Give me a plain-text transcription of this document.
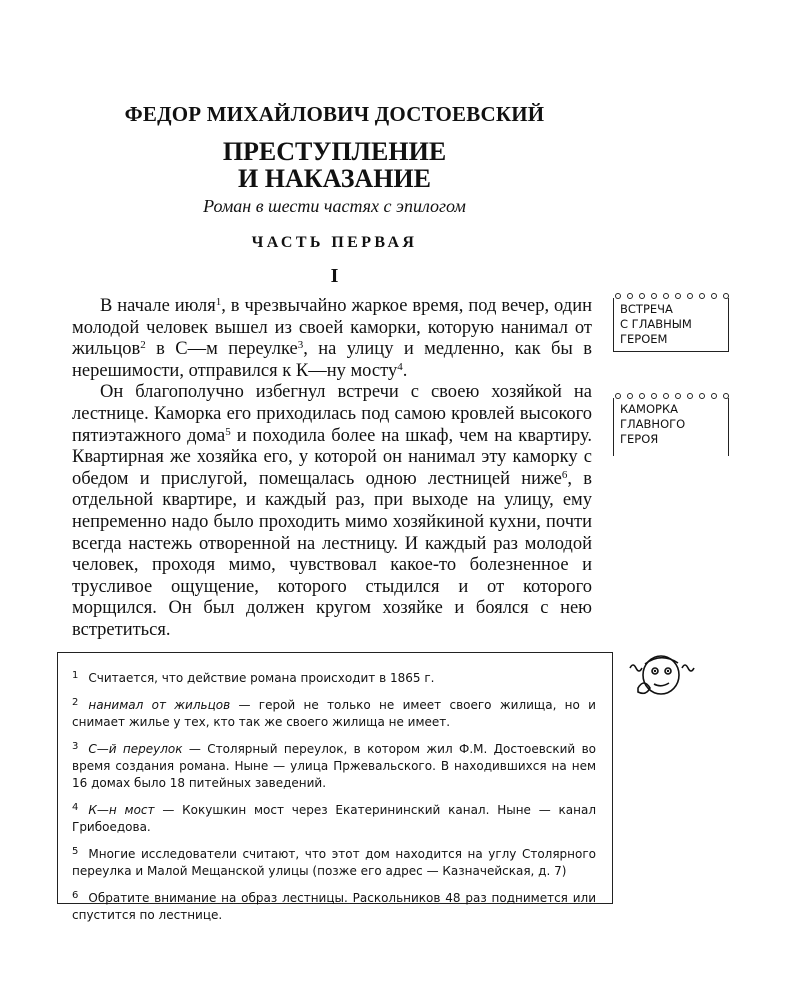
ФЕДОР МИХАЙЛОВИЧ ДОСТОЕВСКИЙ
ПРЕСТУПЛЕНИЕ
И НАКАЗАНИЕ
Роман в шести частях с эпилогом
ЧАСТЬ ПЕРВАЯ
I

В начале июля$^1$, в чрезвычайно жаркое время, под вечер, один молодой человек вышел из своей каморки, которую нанимал от жильцов$^2$ в С—м переулке$^3$, на улицу и медленно, как бы в нерешимости, отправился к К—ну мосту$^4$.

Он благополучно избегнул встречи с своею хозяйкой на лестнице. Каморка его приходилась под самою кровлей высокого пятиэтажного дома$^5$ и походила более на шкаф, чем на квартиру. Квартирная же хозяйка его, у которой он нанимал эту каморку с обедом и прислугой, помещалась одною лестницей ниже$^6$, в отдельной квартире, и каждый раз, при выходе на улицу, ему непременно надо было проходить мимо хозяйкиной кухни, почти всегда настежь отворенной на лестницу. И каждый раз молодой человек, проходя мимо, чувствовал какое-то болезненное и трусливое ощущение, которого стыдился и от которого морщился. Он был должен кругом хозяйке и боялся с нею встретиться.

ВСТРЕЧА
С ГЛАВНЫМ
ГЕРОЕМ
КАМОРКА
ГЛАВНОГО
ГЕРОЯ
$^1$ Считается, что действие романа происходит в 1865 г.
$^2$ нанимал от жильцов — герой не только не имеет своего жилища, но и снимает жилье у тех, кто так же своего жилища не имеет.
$^3$ С—й переулок — Столярный переулок, в котором жил Ф.М. Достоевский во время создания романа. Ныне — улица Пржевальского. В находившихся на нем 16 домах было 18 питейных заведений.
$^4$ К—н мост — Кокушкин мост через Екатерининский канал. Ныне — канал Грибоедова.
$^5$ Многие исследователи считают, что этот дом находится на углу Столярного переулка и Малой Мещанской улицы (позже его адрес — Казначейская, д. 7)
$^6$ Обратите внимание на образ лестницы. Раскольников 48 раз поднимется или спустится по лестнице.
